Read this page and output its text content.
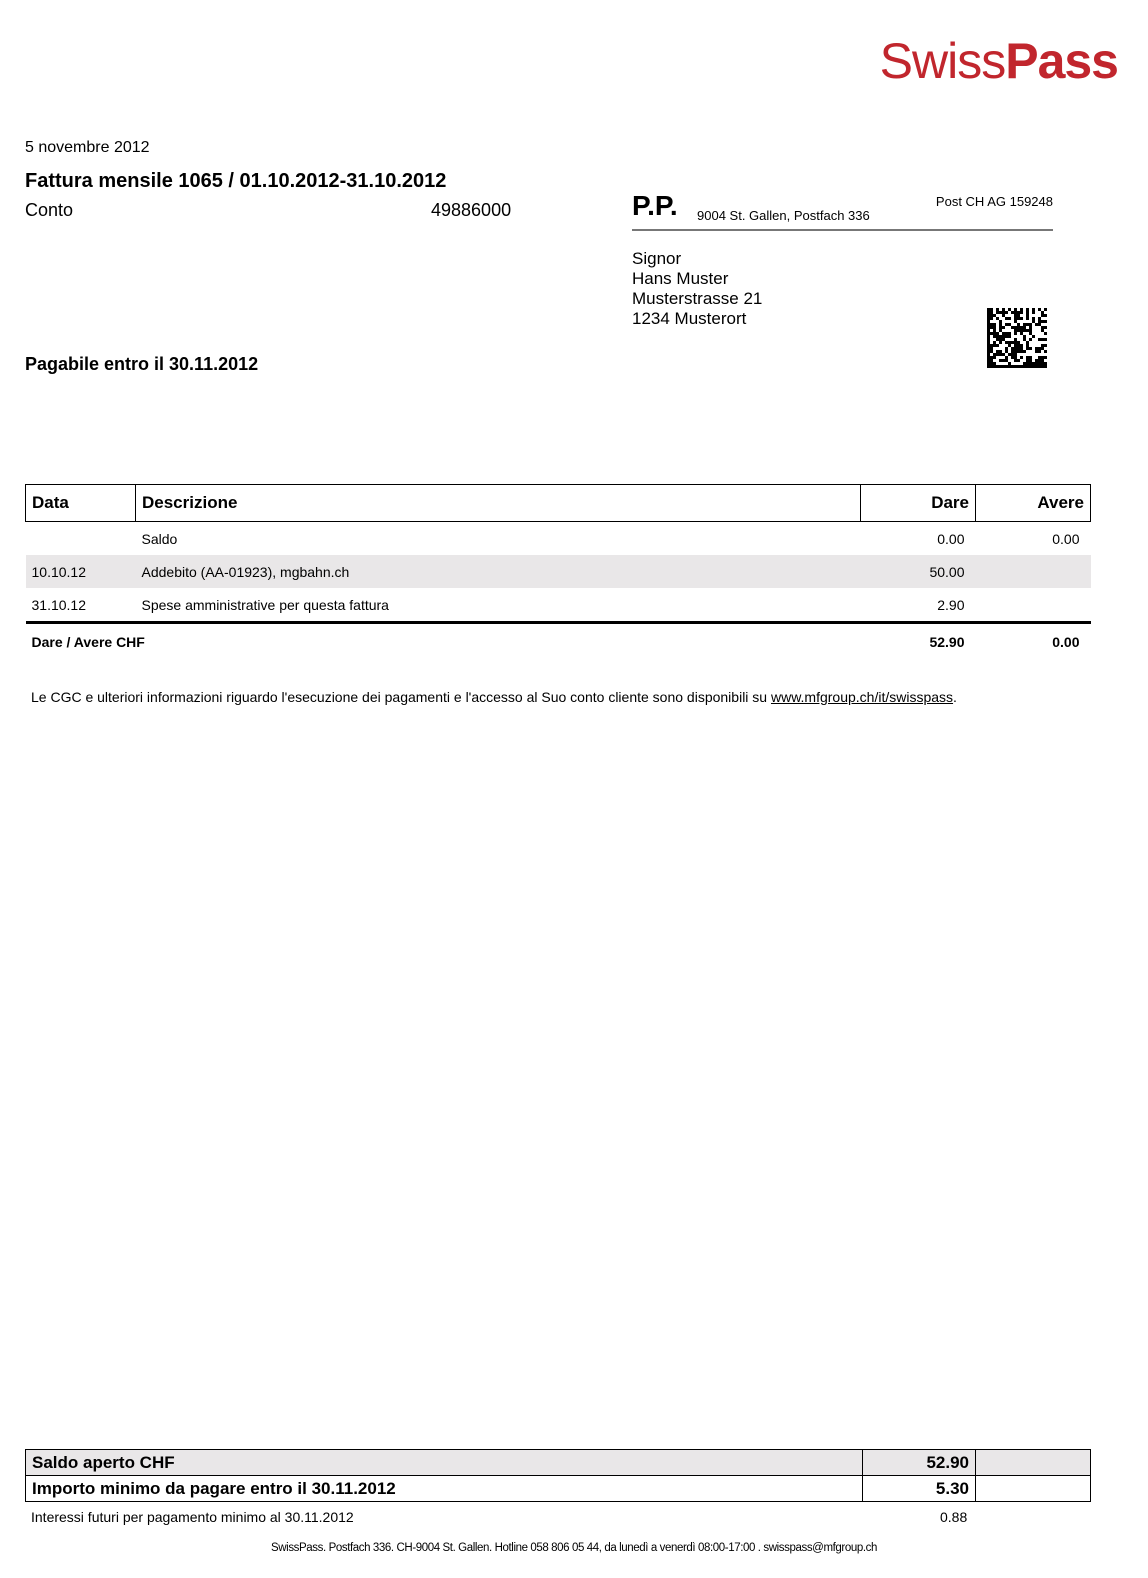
SwissPass
5 novembre 2012
Fattura mensile 1065 / 01.10.2012-31.10.2012
Conto	49886000
Pagabile entro il 30.11.2012
P.P. 9004 St. Gallen, Postfach 336
Post CH AG 159248
Signor
Hans Muster
Musterstrasse 21
1234 Musterort
Data	Descrizione	Dare	Avere
	Saldo	0.00	0.00
10.10.12	Addebito (AA-01923), mgbahn.ch	50.00	
31.10.12	Spese amministrative per questa fattura	2.90	
Dare / Avere CHF		52.90	0.00
Le CGC e ulteriori informazioni riguardo l'esecuzione dei pagamenti e l'accesso al Suo conto cliente sono disponibili su www.mfgroup.ch/it/swisspass.
Saldo aperto CHF	52.90	
Importo minimo da pagare entro il 30.11.2012	5.30	
Interessi futuri per pagamento minimo al 30.11.2012	0.88
SwissPass. Postfach 336. CH-9004 St. Gallen. Hotline 058 806 05 44, da lunedì a venerdì 08:00-17:00 . swisspass@mfgroup.ch
